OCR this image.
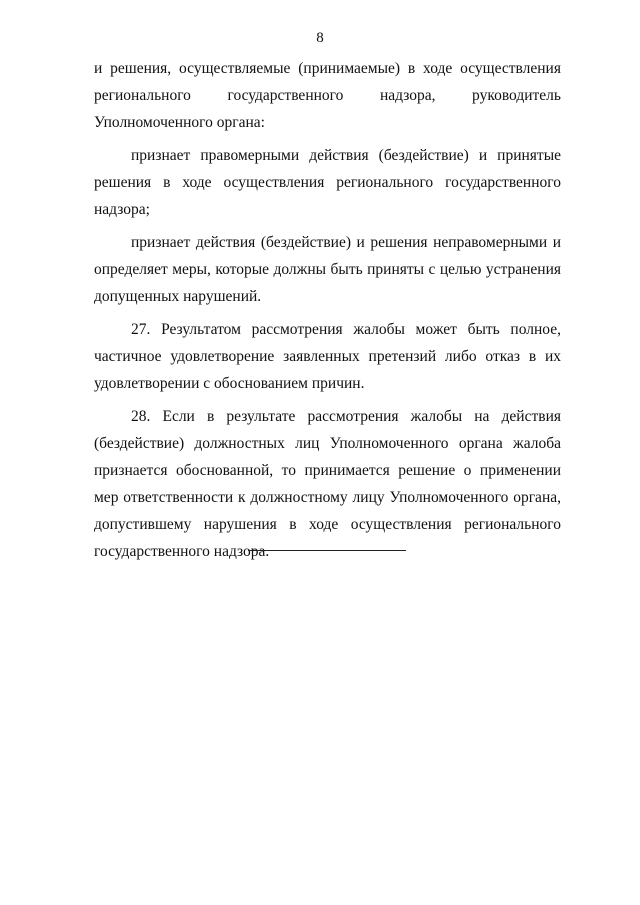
8

и решения, осуществляемые (принимаемые) в ходе осуществления регионального государственного надзора, руководитель Уполномоченного органа:

признает правомерными действия (бездействие) и принятые решения в ходе осуществления регионального государственного надзора;

признает действия (бездействие) и решения неправомерными и определяет меры, которые должны быть приняты с целью устранения допущенных нарушений.

27. Результатом рассмотрения жалобы может быть полное, частичное удовлетворение заявленных претензий либо отказ в их удовлетворении с обоснованием причин.

28. Если в результате рассмотрения жалобы на действия (бездействие) должностных лиц Уполномоченного органа жалоба признается обоснованной, то принимается решение о применении мер ответственности к должностному лицу Уполномоченного органа, допустившему нарушения в ходе осуществления регионального государственного надзора.
